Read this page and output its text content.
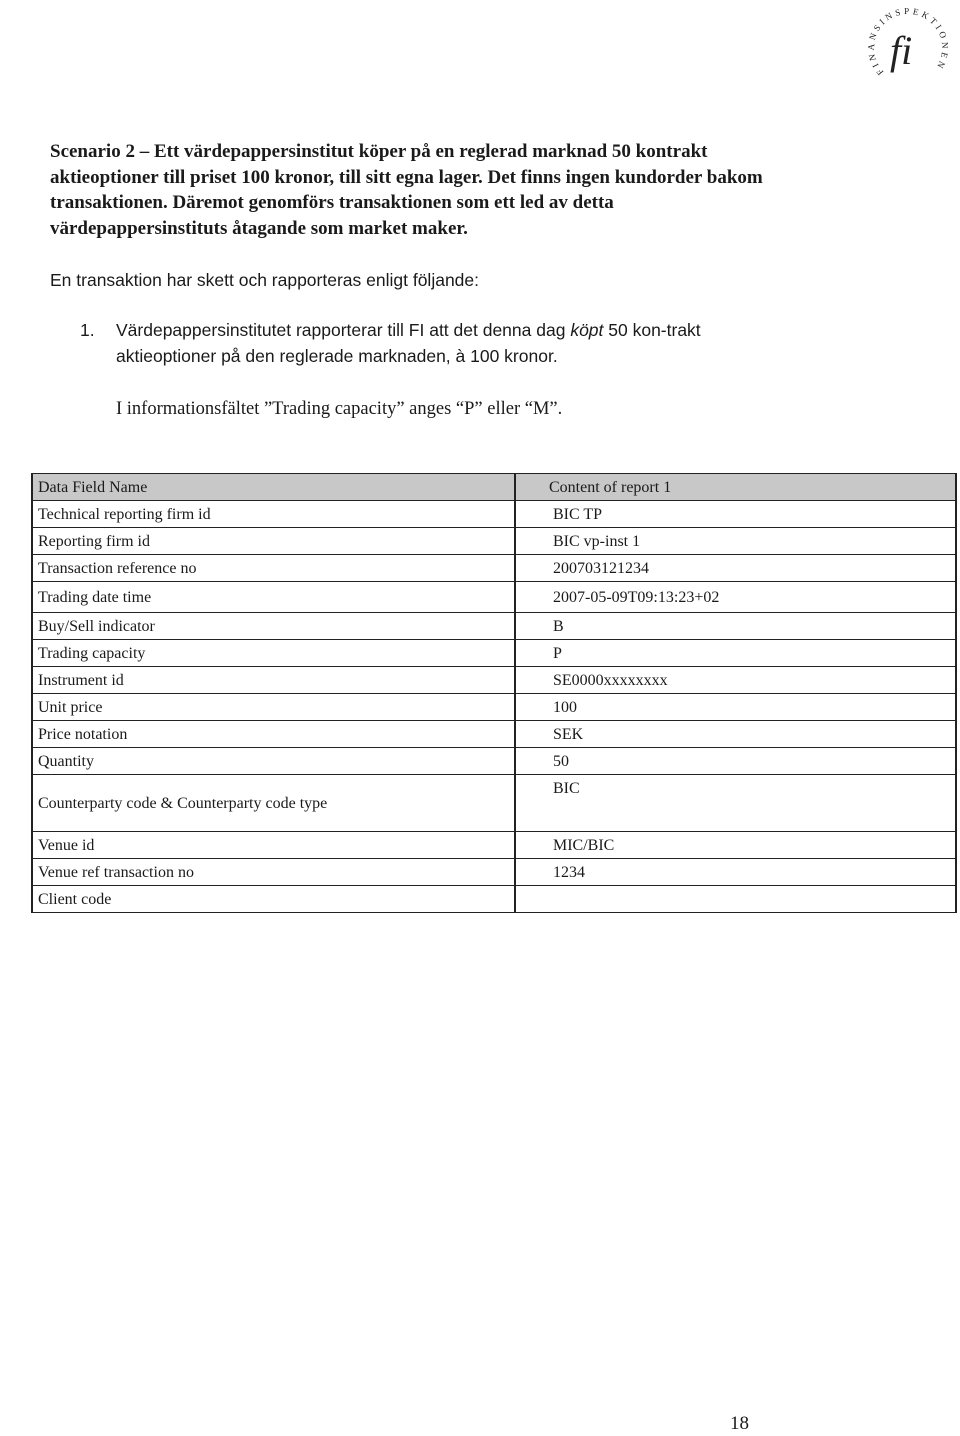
FINANSINSPEKTIONEN
fi
Scenario 2 – Ett värdepappersinstitut köper på en reglerad marknad 50 kontrakt aktieoptioner till priset 100 kronor, till sitt egna lager. Det finns ingen kundorder bakom transaktionen. Däremot genomförs transaktionen som ett led av detta värdepappersinstituts åtagande som market maker.
En transaktion har skett och rapporteras enligt följande:
1. Värdepappersinstitutet rapporterar till FI att det denna dag köpt 50 kon-trakt aktieoptioner på den reglerade marknaden, à 100 kronor.
I informationsfältet ”Trading capacity” anges “P” eller “M”.
Data Field Name	Content of report 1
Technical reporting firm id	BIC TP
Reporting firm id	BIC vp-inst 1
Transaction reference no	200703121234
Trading date time	2007-05-09T09:13:23+02
Buy/Sell indicator	B
Trading capacity	P
Instrument id	SE0000xxxxxxxx
Unit price	100
Price notation	SEK
Quantity	50
Counterparty code & Counterparty code type	BIC
Venue id	MIC/BIC
Venue ref transaction no	1234
Client code	
18
